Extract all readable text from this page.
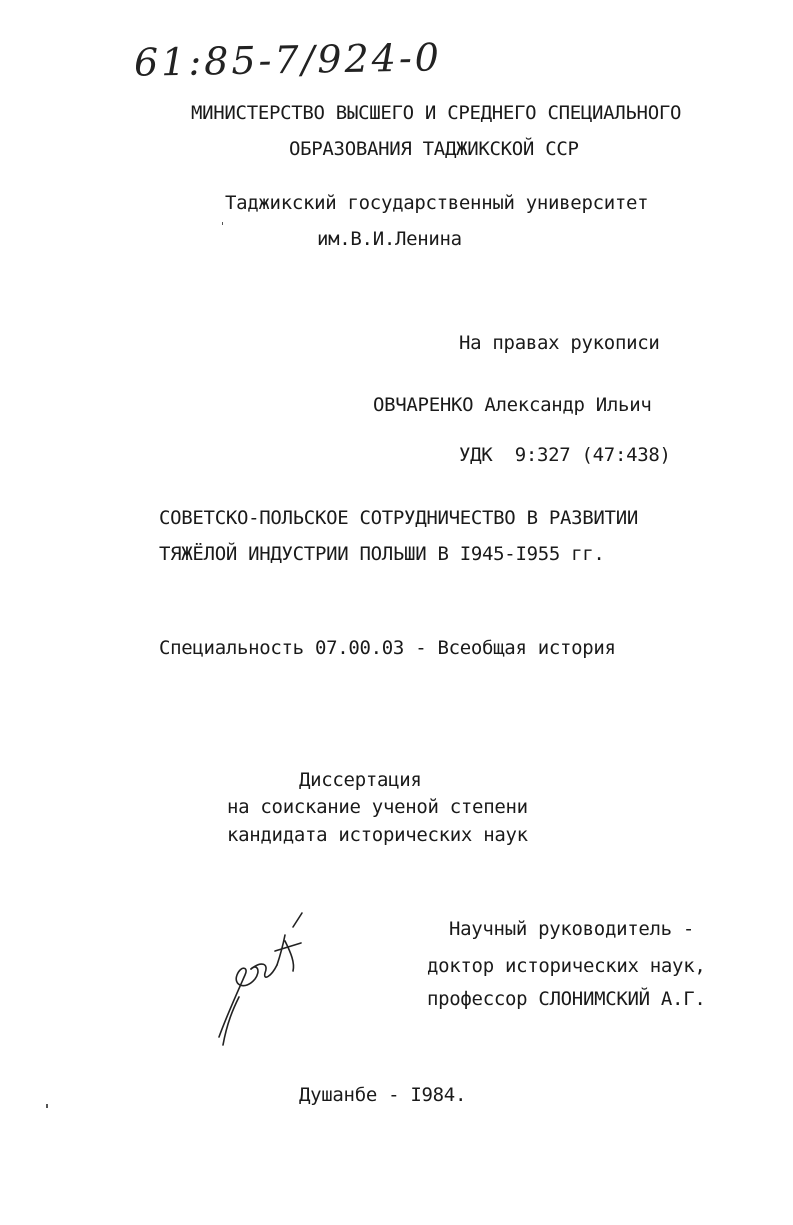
61:85-7/924-0
МИНИСТЕРСТВО ВЫСШЕГО И СРЕДНЕГО СПЕЦИАЛЬНОГО
ОБРАЗОВАНИЯ ТАДЖИКСКОЙ ССР
Таджикский государственный университет
им.В.И.Ленина
На правах рукописи
ОВЧАРЕНКО Александр Ильич
УДК  9:327 (47:438)
СОВЕТСКО-ПОЛЬСКОЕ СОТРУДНИЧЕСТВО В РАЗВИТИИ
ТЯЖЁЛОЙ ИНДУСТРИИ ПОЛЬШИ В I945-I955 гг.
Специальность 07.00.03 - Всеобщая история
Диссертация
на соискание ученой степени
кандидата исторических наук
Научный руководитель -
доктор исторических наук,
профессор СЛОНИМСКИЙ А.Г.
Душанбе - I984.
